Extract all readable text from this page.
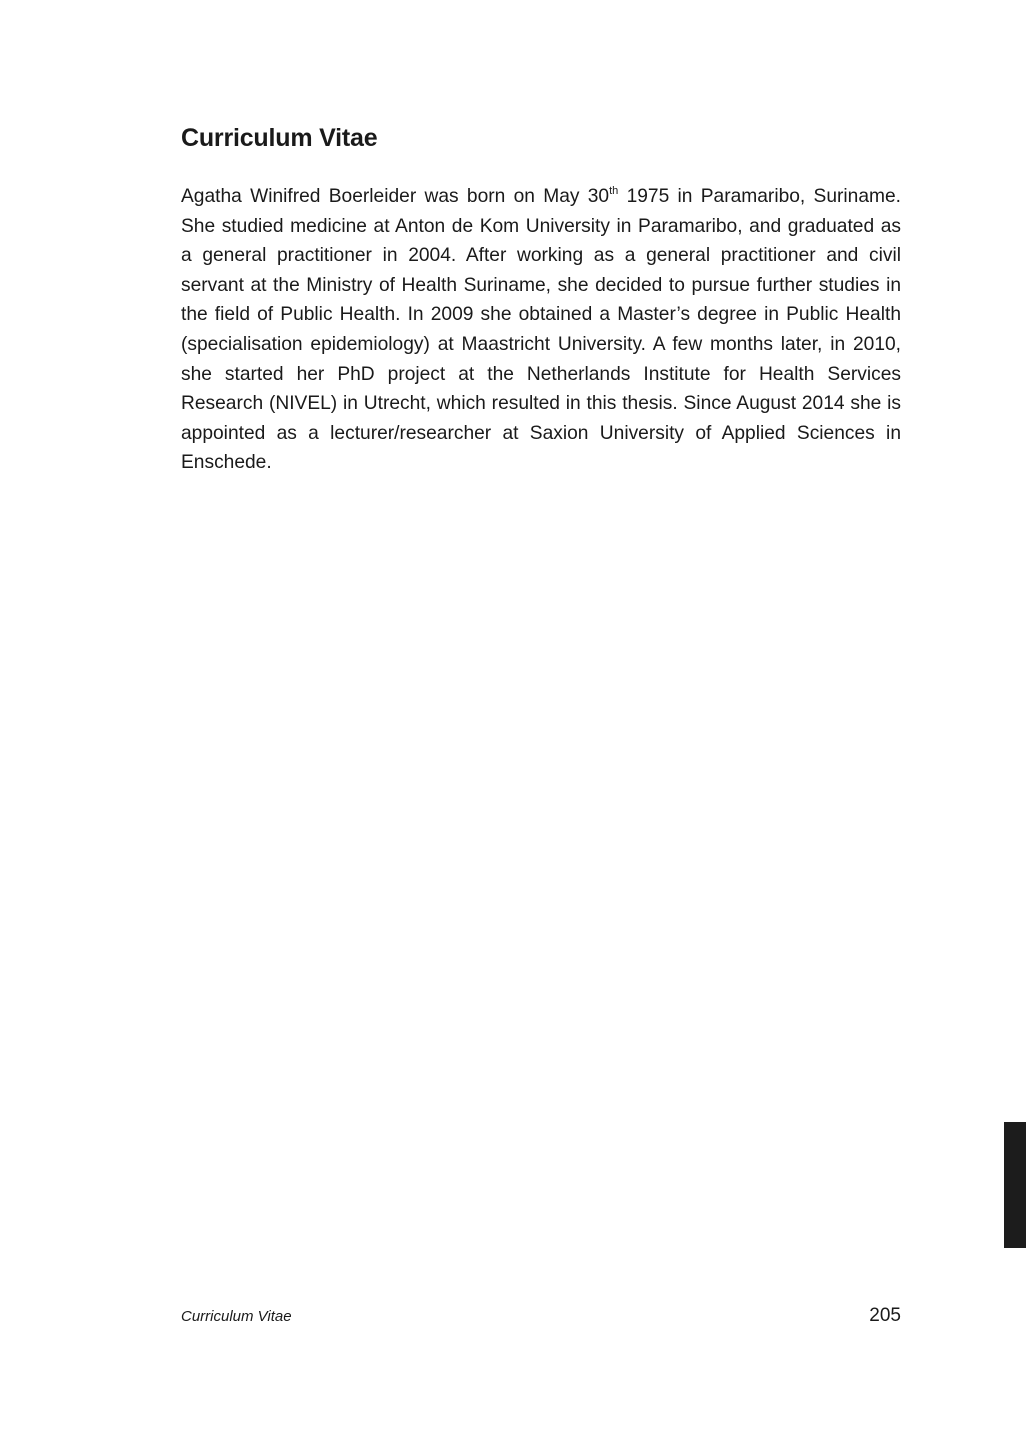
Curriculum Vitae

Agatha Winifred Boerleider was born on May 30th 1975 in Paramaribo, Suriname. She studied medicine at Anton de Kom University in Paramaribo, and graduated as a general practitioner in 2004. After working as a general practitioner and civil servant at the Ministry of Health Suriname, she decided to pursue further studies in the field of Public Health. In 2009 she obtained a Master’s degree in Public Health (specialisation epidemiology) at Maastricht University. A few months later, in 2010, she started her PhD project at the Netherlands Institute for Health Services Research (NIVEL) in Utrecht, which resulted in this thesis. Since August 2014 she is appointed as a lecturer/researcher at Saxion University of Applied Sciences in Enschede.

Curriculum Vitae	205
